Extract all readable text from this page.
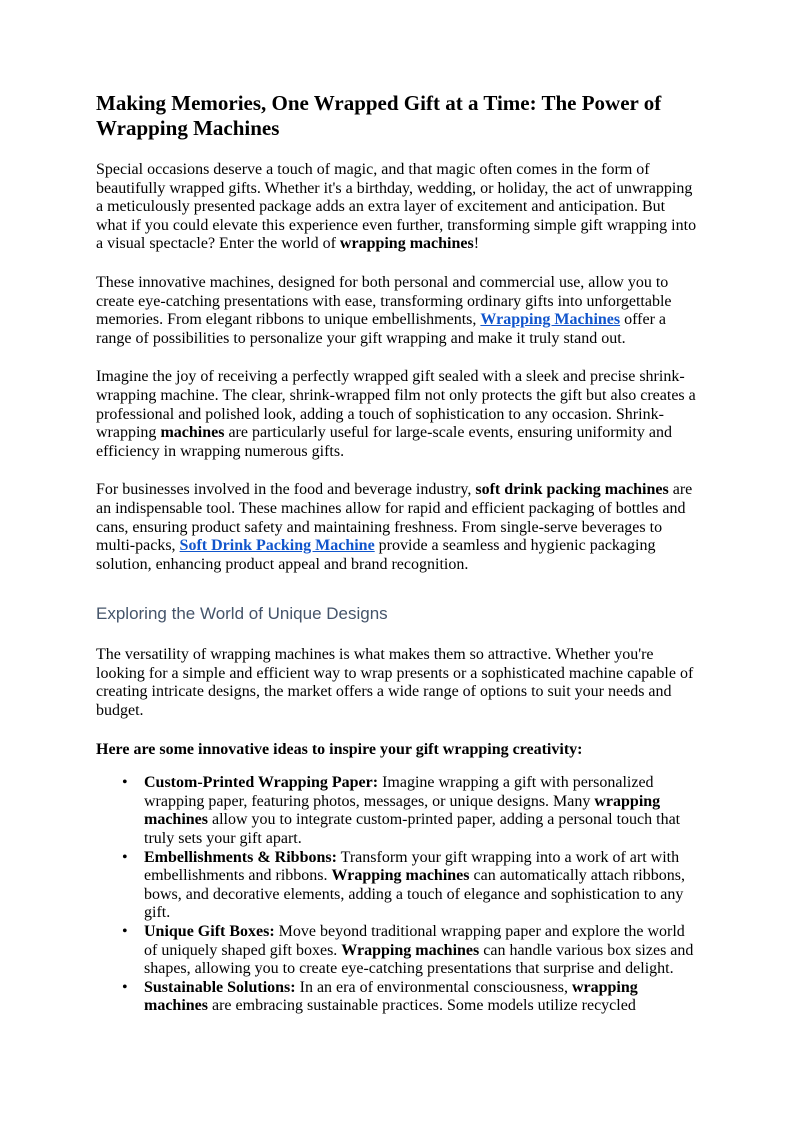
Making Memories, One Wrapped Gift at a Time: The Power of Wrapping Machines

Special occasions deserve a touch of magic, and that magic often comes in the form of beautifully wrapped gifts. Whether it's a birthday, wedding, or holiday, the act of unwrapping a meticulously presented package adds an extra layer of excitement and anticipation. But what if you could elevate this experience even further, transforming simple gift wrapping into a visual spectacle? Enter the world of wrapping machines!

These innovative machines, designed for both personal and commercial use, allow you to create eye-catching presentations with ease, transforming ordinary gifts into unforgettable memories. From elegant ribbons to unique embellishments, Wrapping Machines offer a range of possibilities to personalize your gift wrapping and make it truly stand out.

Imagine the joy of receiving a perfectly wrapped gift sealed with a sleek and precise shrink-wrapping machine. The clear, shrink-wrapped film not only protects the gift but also creates a professional and polished look, adding a touch of sophistication to any occasion. Shrink-wrapping machines are particularly useful for large-scale events, ensuring uniformity and efficiency in wrapping numerous gifts.

For businesses involved in the food and beverage industry, soft drink packing machines are an indispensable tool. These machines allow for rapid and efficient packaging of bottles and cans, ensuring product safety and maintaining freshness. From single-serve beverages to multi-packs, Soft Drink Packing Machine provide a seamless and hygienic packaging solution, enhancing product appeal and brand recognition.

Exploring the World of Unique Designs

The versatility of wrapping machines is what makes them so attractive. Whether you're looking for a simple and efficient way to wrap presents or a sophisticated machine capable of creating intricate designs, the market offers a wide range of options to suit your needs and budget.

Here are some innovative ideas to inspire your gift wrapping creativity:

• Custom-Printed Wrapping Paper: Imagine wrapping a gift with personalized wrapping paper, featuring photos, messages, or unique designs. Many wrapping machines allow you to integrate custom-printed paper, adding a personal touch that truly sets your gift apart.
• Embellishments & Ribbons: Transform your gift wrapping into a work of art with embellishments and ribbons. Wrapping machines can automatically attach ribbons, bows, and decorative elements, adding a touch of elegance and sophistication to any gift.
• Unique Gift Boxes: Move beyond traditional wrapping paper and explore the world of uniquely shaped gift boxes. Wrapping machines can handle various box sizes and shapes, allowing you to create eye-catching presentations that surprise and delight.
• Sustainable Solutions: In an era of environmental consciousness, wrapping machines are embracing sustainable practices. Some models utilize recycled
